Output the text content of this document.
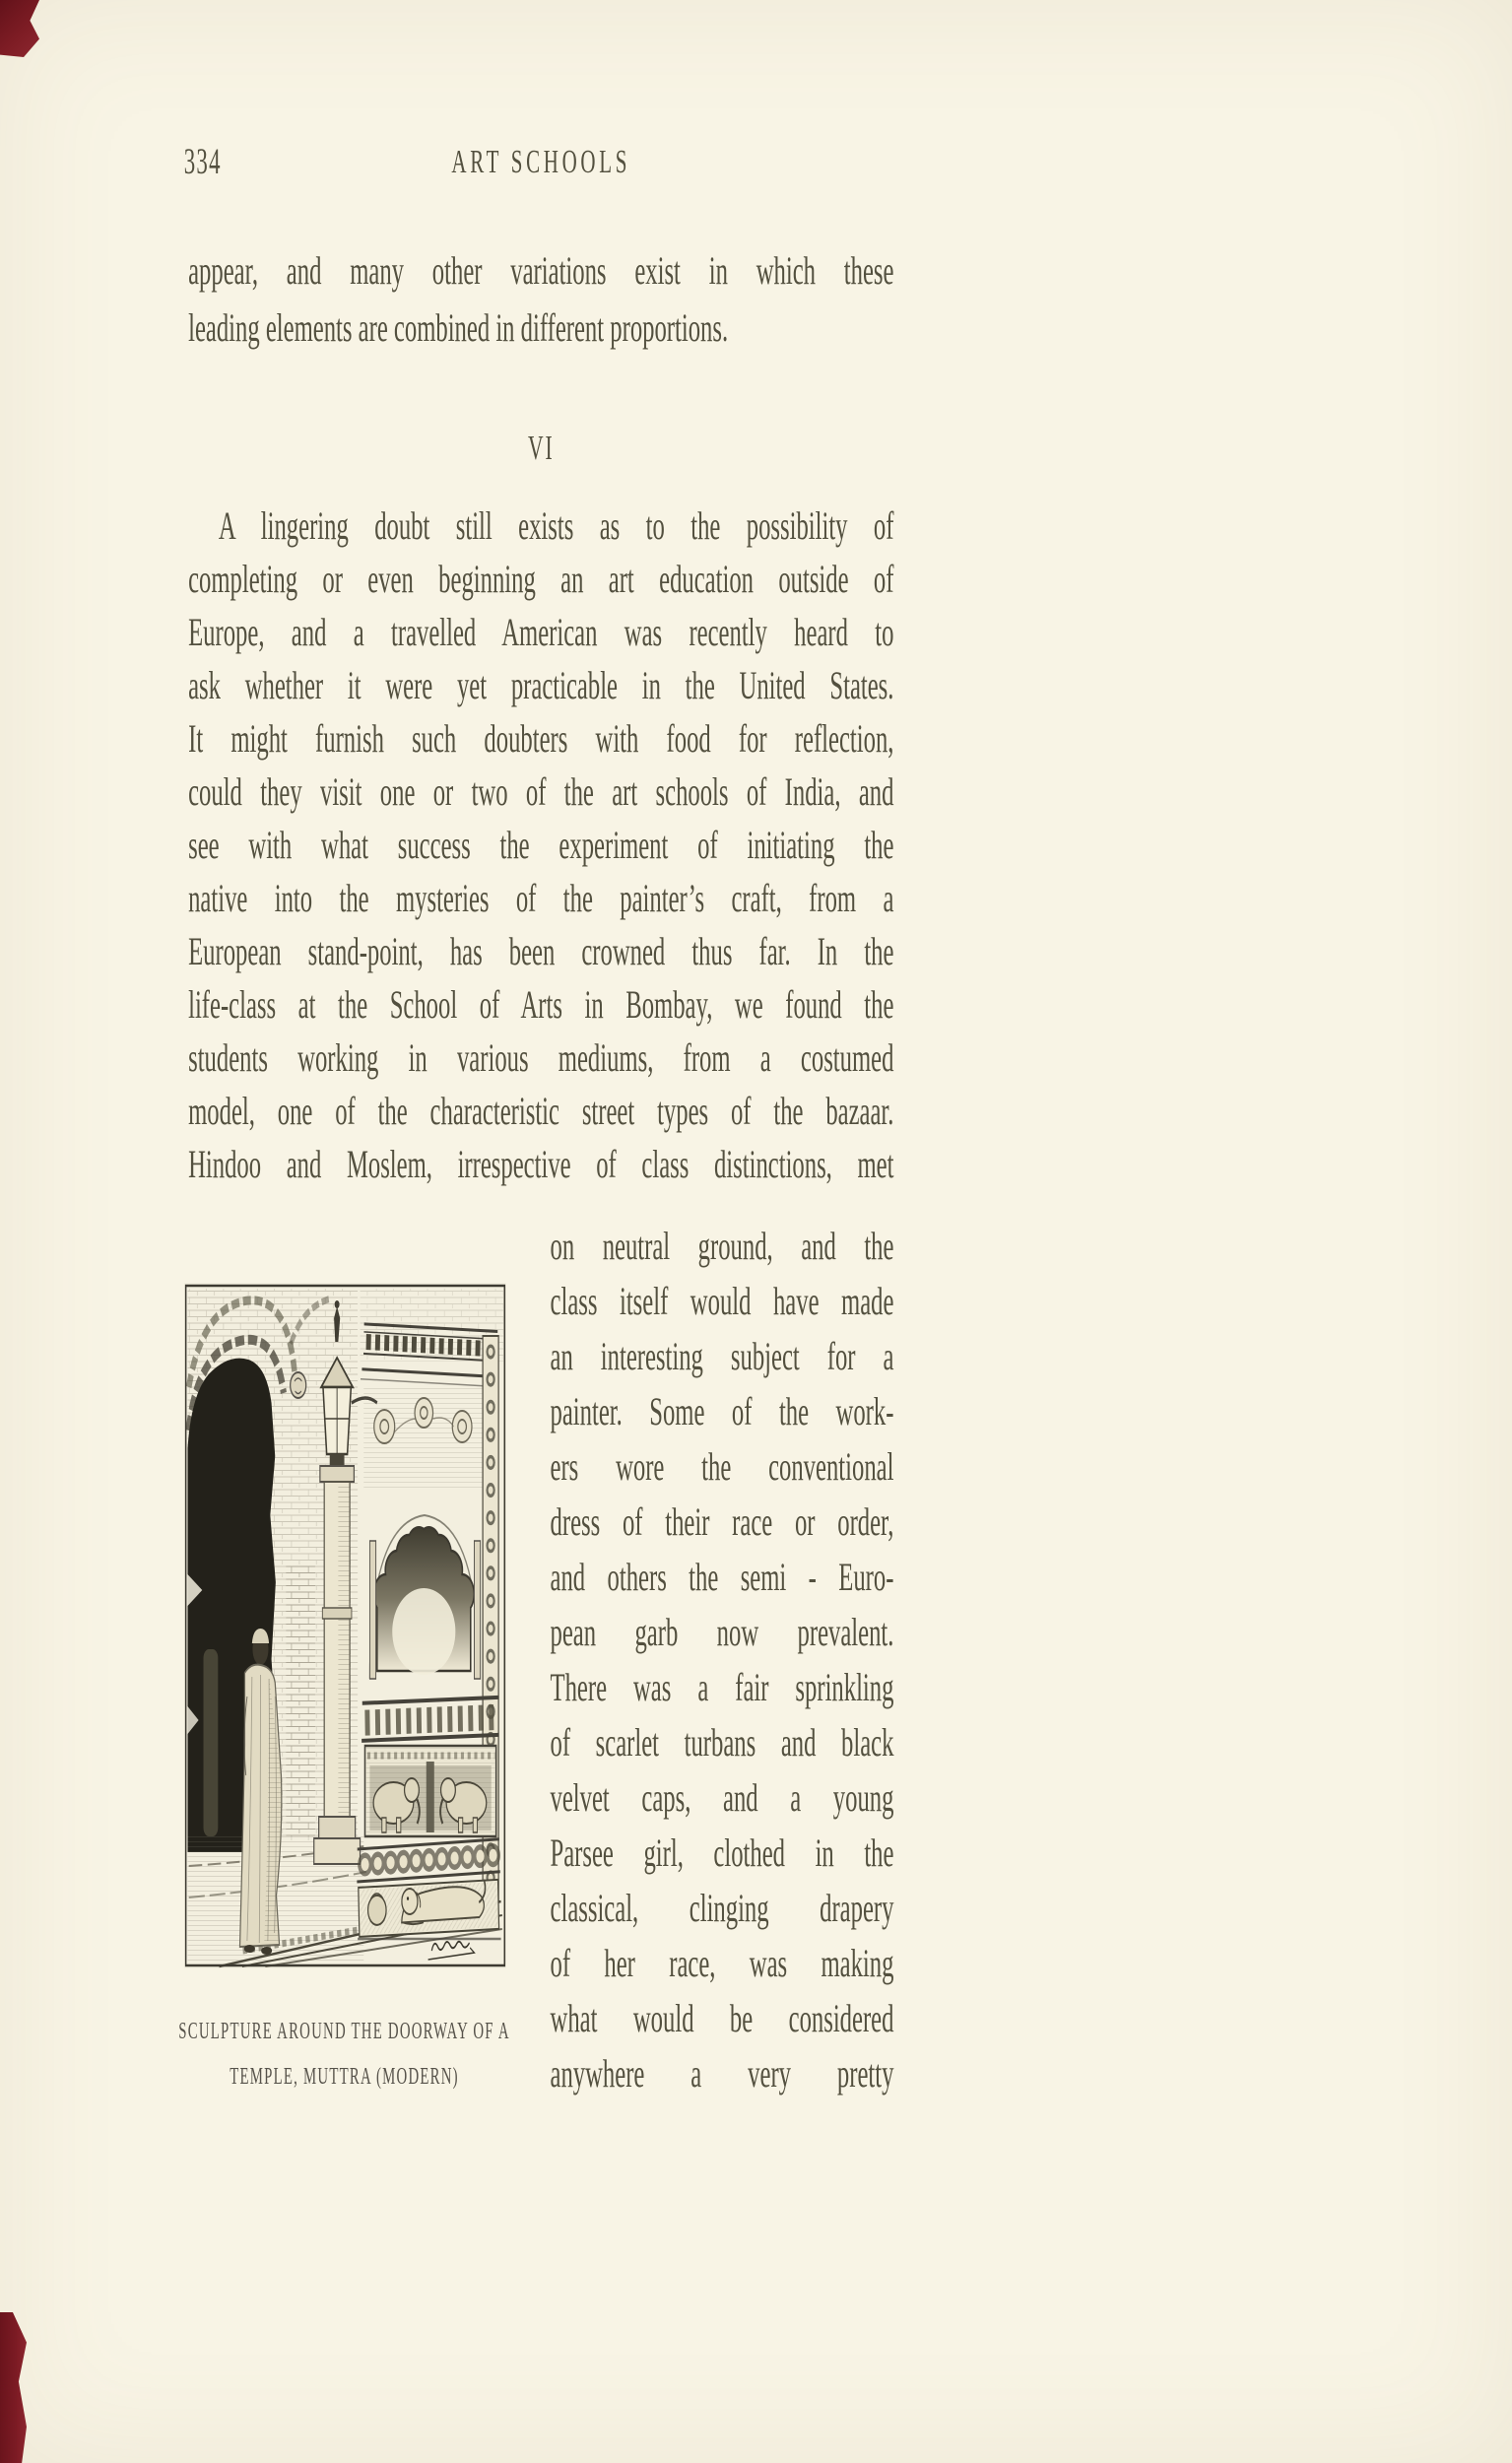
334	ART SCHOOLS
appear, and many other variations exist in which these
leading elements are combined in different proportions.
VI
A lingering doubt still exists as to the possibility of
completing or even beginning an art education outside of
Europe, and a travelled American was recently heard to
ask whether it were yet practicable in the United States.
It might furnish such doubters with food for reflection,
could they visit one or two of the art schools of India, and
see with what success the experiment of initiating the
native into the mysteries of the painter’s craft, from a
European stand-point, has been crowned thus far. In the
life-class at the School of Arts in Bombay, we found the
students working in various mediums, from a costumed
model, one of the characteristic street types of the bazaar.
Hindoo and Moslem, irrespective of class distinctions, met
on neutral ground, and the
class itself would have made
an interesting subject for a
painter. Some of the work-
ers wore the conventional
dress of their race or order,
and others the semi - Euro-
pean garb now prevalent.
There was a fair sprinkling
of scarlet turbans and black
velvet caps, and a young
Parsee girl, clothed in the
classical, clinging drapery
of her race, was making
what would be considered
anywhere a very pretty
SCULPTURE AROUND THE DOORWAY OF A
TEMPLE, MUTTRA (MODERN)
